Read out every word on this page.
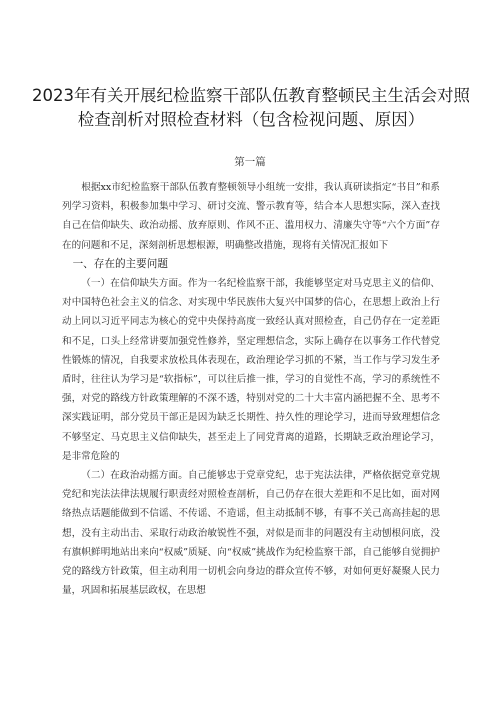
2023年有关开展纪检监察干部队伍教育整顿民主生活会对照检查剖析对照检查材料（包含检视问题、原因）
第一篇

根据xx市纪检监察干部队伍教育整顿领导小组统一安排，我认真研读指定“书目”和系列学习资料，积极参加集中学习、研讨交流、警示教育等，结合本人思想实际，深入查找自己在信仰缺失、政治动摇、放弃原则、作风不正、滥用权力、清廉失守等“六个方面”存在的问题和不足，深刻剖析思想根源，明确整改措施，现将有关情况汇报如下

一、存在的主要问题

（一）在信仰缺失方面。作为一名纪检监察干部，我能够坚定对马克思主义的信仰、对中国特色社会主义的信念、对实现中华民族伟大复兴中国梦的信心，在思想上政治上行动上同以习近平同志为核心的党中央保持高度一致经认真对照检查，自己仍存在一定差距和不足，口头上经常讲要加强党性修养，坚定理想信念，实际上确存在以事务工作代替党性锻炼的情况，自我要求放松具体表现在，政治理论学习抓的不紧，当工作与学习发生矛盾时，往往认为学习是“软指标”，可以往后推一推，学习的自觉性不高，学习的系统性不强，对党的路线方针政策理解的不深不透，特别对党的二十大丰富内涵把握不全、思考不深实践证明，部分党员干部正是因为缺乏长期性、持久性的理论学习，进而导致理想信念不够坚定、马克思主义信仰缺失，甚至走上了同党背离的道路，长期缺乏政治理论学习，是非常危险的

（二）在政治动摇方面。自己能够忠于党章党纪，忠于宪法法律，严格依据党章党规党纪和宪法法律法规履行职责经对照检查剖析，自己仍存在很大差距和不足比如，面对网络热点话题能做到不信谣、不传谣、不造谣，但主动抵制不够，有事不关己高高挂起的思想，没有主动出击、采取行动政治敏锐性不强，对似是而非的问题没有主动刨根问底，没有旗帜鲜明地站出来向“权威”质疑、向“权威”挑战作为纪检监察干部，自己能够自觉拥护党的路线方针政策，但主动利用一切机会向身边的群众宣传不够，对如何更好凝聚人民力量，巩固和拓展基层政权，在思想
